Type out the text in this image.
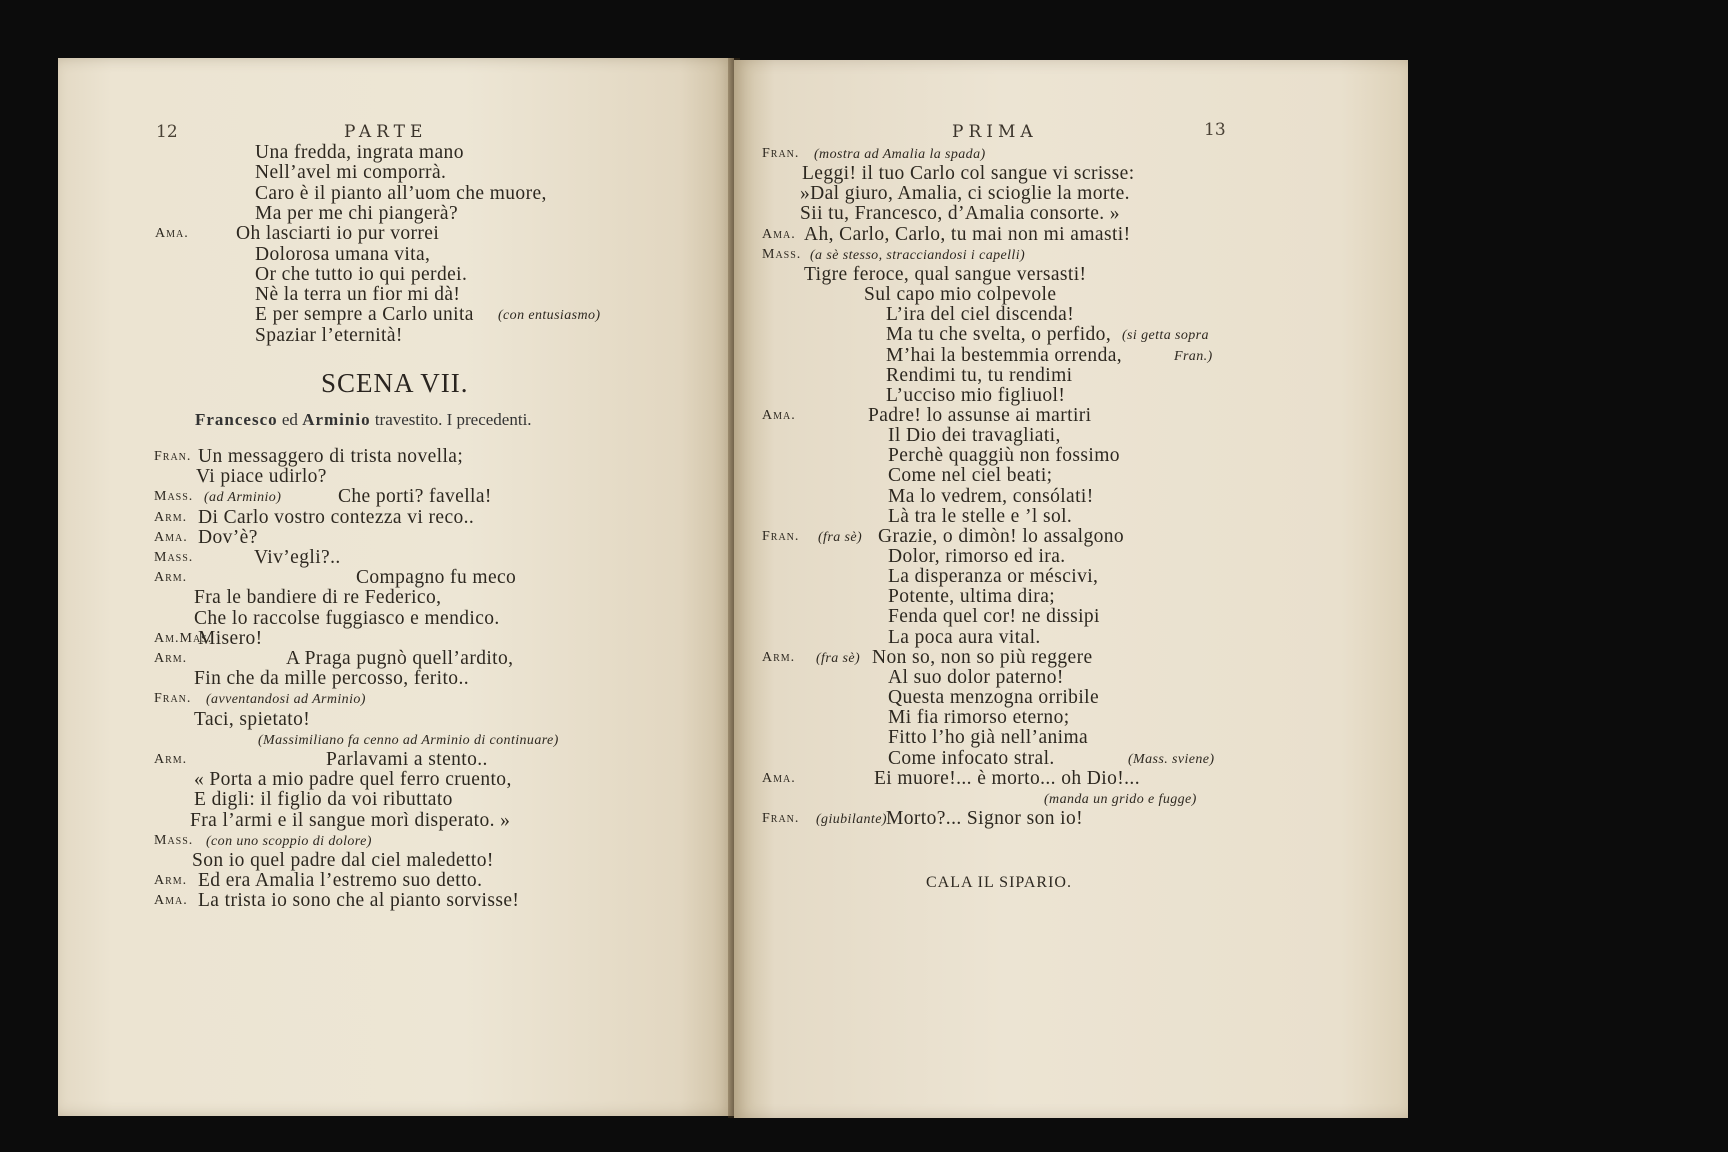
12	PARTE
SCENA VII.
Francesco ed Arminio travestito. I precedenti.
Una fredda, ingrata mano
Nell’avel mi comporrà.
Caro è il pianto all’uom che muore,
Ma per me chi piangerà?
Ama. Oh lasciarti io pur vorrei
Dolorosa umana vita,
Or che tutto io qui perdei.
Nè la terra un fior mi dà!
E per sempre a Carlo unita (con entusiasmo)
Spaziar l’eternità!
Fran. Un messaggero di trista novella;
Vi piace udirlo?
Mass.	Che porti? favella!
(ad Arminio)
Arm. Di Carlo vostro contezza vi reco..
Ama. Dov’è?
Mass.	Viv’egli?..
Arm.	Compagno fu meco
Fra le bandiere di re Federico,
Che lo raccolse fuggiasco e mendico.
Am.Mas.
Misero!
Arm.	A Praga pugnò quell’ardito,
Fin che da mille percosso, ferito..
Fran. (avventandosi ad Arminio)
Taci, spietato!
(Massimiliano fa cenno ad Arminio di continuare)
Arm.	Parlavami a stento..
« Porta a mio padre quel ferro cruento,
E digli: il figlio da voi ributtato
Fra l’armi e il sangue morì disperato. »
Mass. (con uno scoppio di dolore)
Son io quel padre dal ciel maledetto!
Arm. Ed era Amalia l’estremo suo detto.
Ama. La trista io sono che al pianto sorvisse!
PRIMA	13
CALA IL SIPARIO.
Fran. (mostra ad Amalia la spada)
Leggi! il tuo Carlo col sangue vi scrisse:
»Dal giuro, Amalia, ci scioglie la morte.
Sii tu, Francesco, d’Amalia consorte. »
Ama. Ah, Carlo, Carlo, tu mai non mi amasti!
Mass. (a sè stesso, stracciandosi i capelli)
Tigre feroce, qual sangue versasti!
Sul capo mio colpevole
L’ira del ciel discenda!
Ma tu che svelta, o perfido, (si getta sopra
M’hai la bestemmia orrenda,	Fran.)
Rendimi tu, tu rendimi
L’ucciso mio figliuol!
Ama.	Padre! lo assunse ai martiri
Il Dio dei travagliati,
Perchè quaggiù non fossimo
Come nel ciel beati;
Ma lo vedrem, consólati!
Là tra le stelle e ’l sol.
Fran.	Grazie, o dimòn! lo assalgono
(fra sè)
Dolor, rimorso ed ira.
La disperanza or méscivi,
Potente, ultima dira;
Fenda quel cor! ne dissipi
La poca aura vital.
Arm.	Non so, non so più reggere
(fra sè)
Al suo dolor paterno!
Questa menzogna orribile
Mi fia rimorso eterno;
Fitto l’ho già nell’anima
Come infocato stral.	(Mass. sviene)
Ama.	Ei muore!... è morto... oh Dio!...
(manda un grido e fugge)
Fran.	Morto?... Signor son io!
(giubilante)
